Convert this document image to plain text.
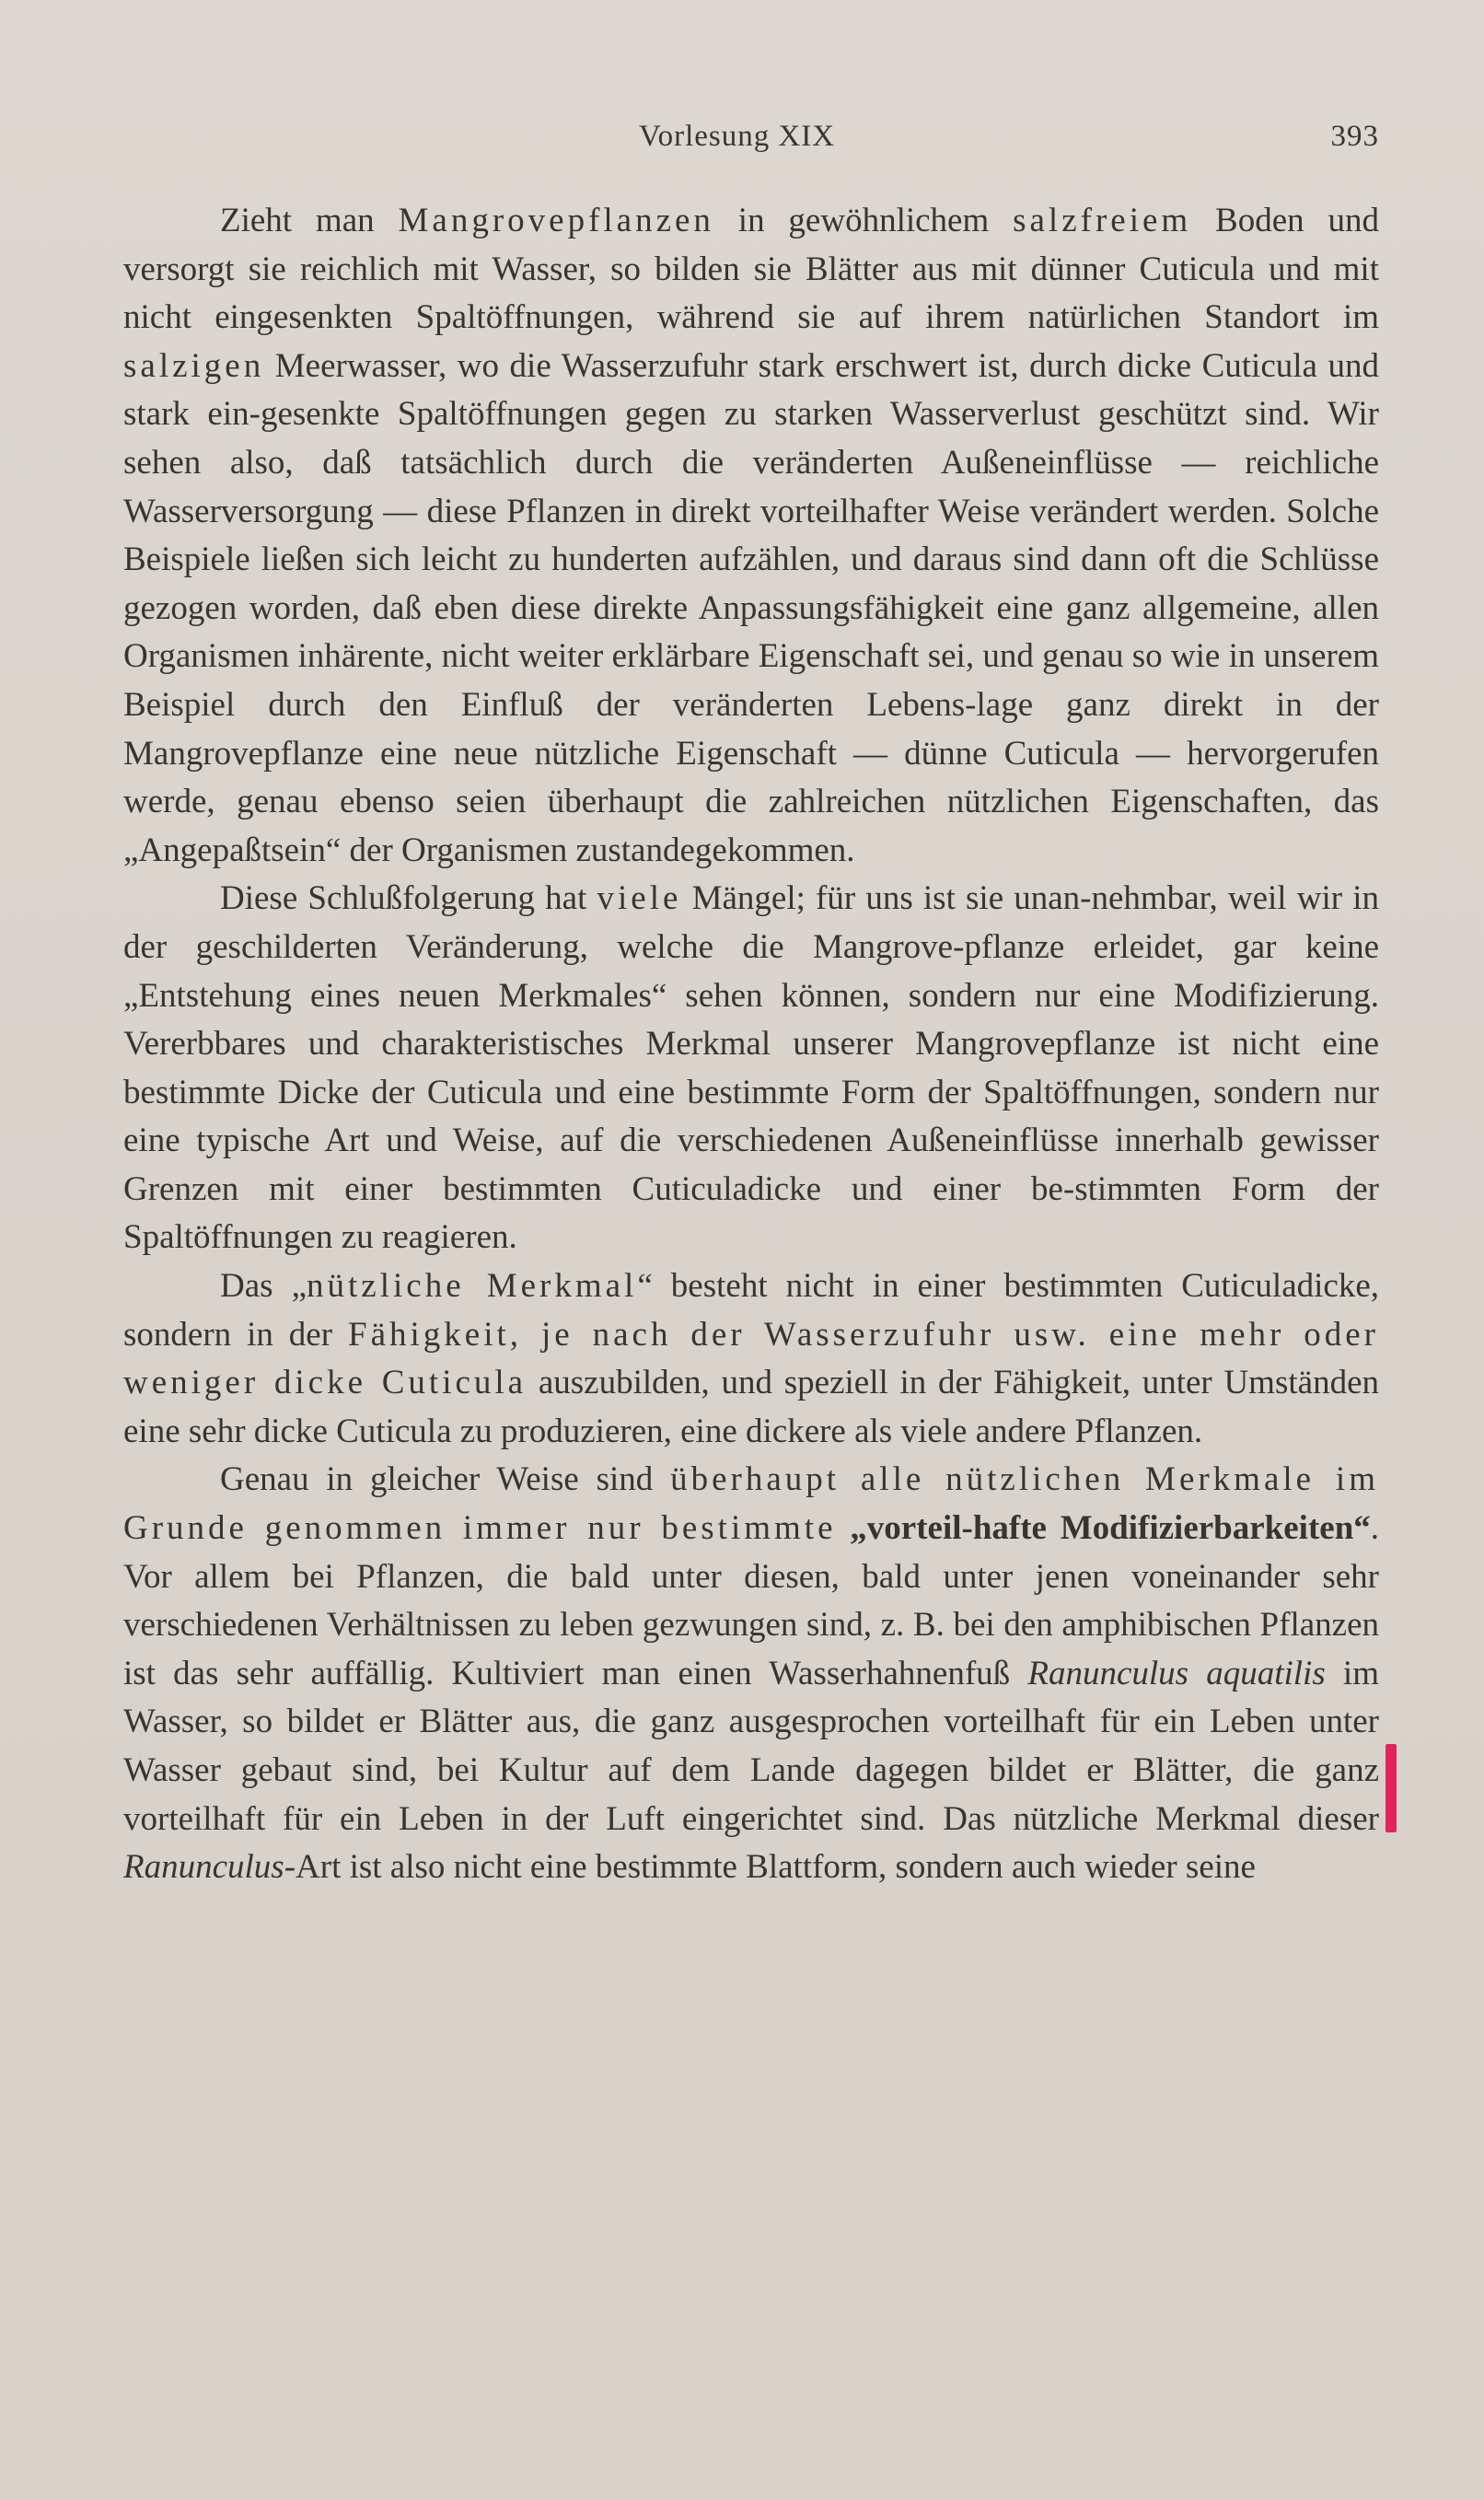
Vorlesung XIX	393

Zieht man Mangrovepflanzen in gewöhnlichem salzfreiem Boden und versorgt sie reichlich mit Wasser, so bilden sie Blätter aus mit dünner Cuticula und mit nicht eingesenkten Spaltöffnungen, während sie auf ihrem natürlichen Standort im salzigen Meerwasser, wo die Wasserzufuhr stark erschwert ist, durch dicke Cuticula und stark ein-gesenkte Spaltöffnungen gegen zu starken Wasserverlust geschützt sind. Wir sehen also, daß tatsächlich durch die veränderten Außeneinflüsse — reichliche Wasserversorgung — diese Pflanzen in direkt vorteilhafter Weise verändert werden. Solche Beispiele ließen sich leicht zu hunderten aufzählen, und daraus sind dann oft die Schlüsse gezogen worden, daß eben diese direkte Anpassungsfähigkeit eine ganz allgemeine, allen Organismen inhärente, nicht weiter erklärbare Eigenschaft sei, und genau so wie in unserem Beispiel durch den Einfluß der veränderten Lebens-lage ganz direkt in der Mangrovepflanze eine neue nützliche Eigenschaft — dünne Cuticula — hervorgerufen werde, genau ebenso seien überhaupt die zahlreichen nützlichen Eigenschaften, das „Angepaßtsein“ der Organismen zustandegekommen.

Diese Schlußfolgerung hat viele Mängel; für uns ist sie unan-nehmbar, weil wir in der geschilderten Veränderung, welche die Mangrove-pflanze erleidet, gar keine „Entstehung eines neuen Merkmales“ sehen können, sondern nur eine Modifizierung. Vererbbares und charakteristisches Merkmal unserer Mangrovepflanze ist nicht eine bestimmte Dicke der Cuticula und eine bestimmte Form der Spaltöffnungen, sondern nur eine typische Art und Weise, auf die verschiedenen Außeneinflüsse innerhalb gewisser Grenzen mit einer bestimmten Cuticuladicke und einer be-stimmten Form der Spaltöffnungen zu reagieren.

Das „nützliche Merkmal“ besteht nicht in einer bestimmten Cuticuladicke, sondern in der Fähigkeit, je nach der Wasserzufuhr usw. eine mehr oder weniger dicke Cuticula auszubilden, und speziell in der Fähigkeit, unter Umständen eine sehr dicke Cuticula zu produzieren, eine dickere als viele andere Pflanzen.

Genau in gleicher Weise sind überhaupt alle nützlichen Merkmale im Grunde genommen immer nur bestimmte „vorteil-hafte Modifizierbarkeiten“. Vor allem bei Pflanzen, die bald unter diesen, bald unter jenen voneinander sehr verschiedenen Verhältnissen zu leben gezwungen sind, z. B. bei den amphibischen Pflanzen ist das sehr auffällig. Kultiviert man einen Wasserhahnenfuß Ranunculus aquatilis im Wasser, so bildet er Blätter aus, die ganz ausgesprochen vorteilhaft für ein Leben unter Wasser gebaut sind, bei Kultur auf dem Lande dagegen bildet er Blätter, die ganz vorteilhaft für ein Leben in der Luft eingerichtet sind. Das nützliche Merkmal dieser Ranunculus-Art ist also nicht eine bestimmte Blattform, sondern auch wieder seine
